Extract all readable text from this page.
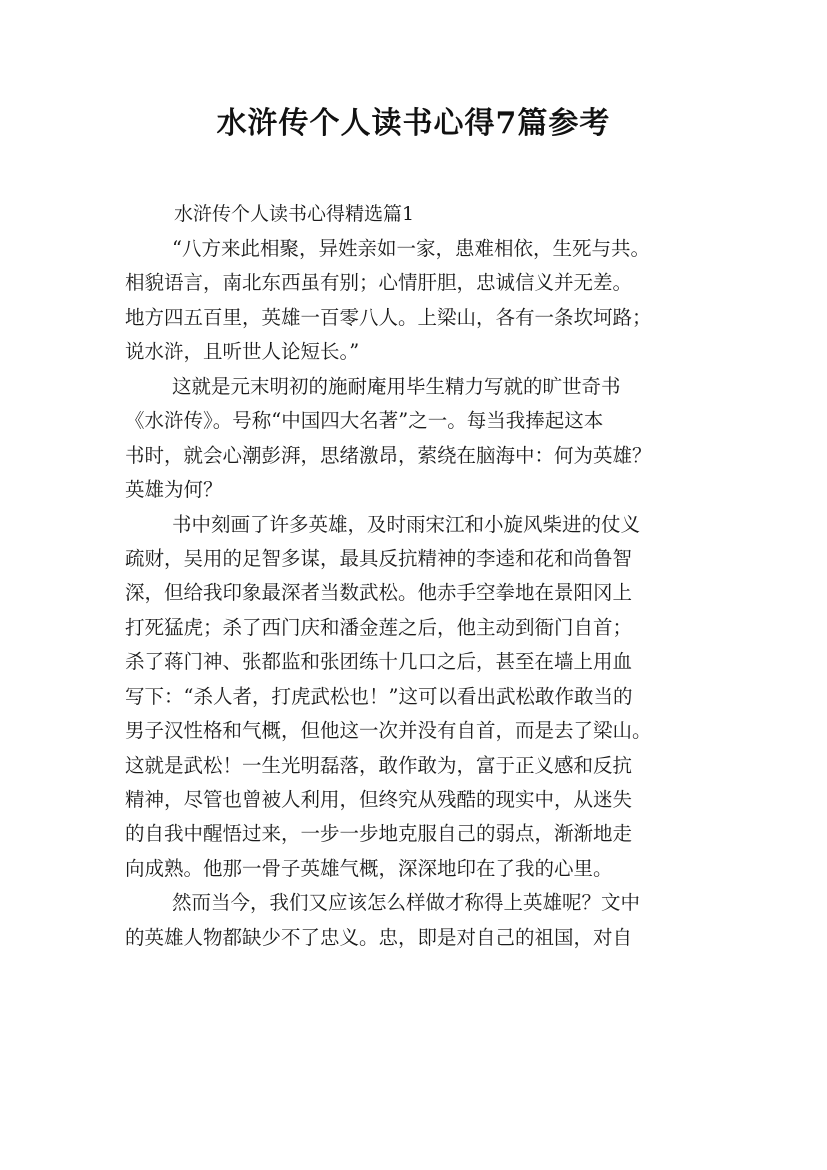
水浒传个人读书心得7篇参考
水浒传个人读书心得精选篇1
“八方来此相聚，异姓亲如一家，患难相依，生死与共。
相貌语言，南北东西虽有别；心情肝胆，忠诚信义并无差。
地方四五百里，英雄一百零八人。上梁山，各有一条坎坷路；
说水浒，且听世人论短长。”
这就是元末明初的施耐庵用毕生精力写就的旷世奇书
《水浒传》。号称“中国四大名著”之一。每当我捧起这本
书时，就会心潮彭湃，思绪激昂，萦绕在脑海中：何为英雄？
英雄为何？
书中刻画了许多英雄，及时雨宋江和小旋风柴进的仗义
疏财，吴用的足智多谋，最具反抗精神的李逵和花和尚鲁智
深，但给我印象最深者当数武松。他赤手空拳地在景阳冈上
打死猛虎；杀了西门庆和潘金莲之后，他主动到衙门自首；
杀了蒋门神、张都监和张团练十几口之后，甚至在墙上用血
写下：“杀人者，打虎武松也！”这可以看出武松敢作敢当的
男子汉性格和气概，但他这一次并没有自首，而是去了梁山。
这就是武松！一生光明磊落，敢作敢为，富于正义感和反抗
精神，尽管也曾被人利用，但终究从残酷的现实中，从迷失
的自我中醒悟过来，一步一步地克服自己的弱点，渐渐地走
向成熟。他那一骨子英雄气概，深深地印在了我的心里。
然而当今，我们又应该怎么样做才称得上英雄呢？文中
的英雄人物都缺少不了忠义。忠，即是对自己的祖国，对自
